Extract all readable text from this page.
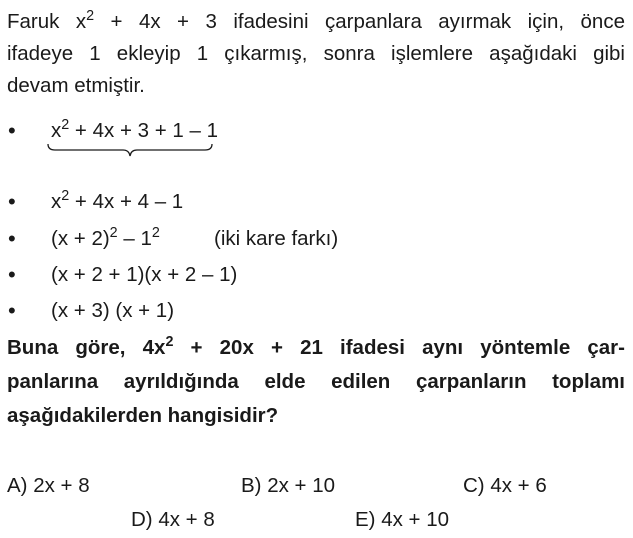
Faruk $x^2 + 4x + 3$ ifadesini çarpanlara ayırmak için, önce
ifadeye 1 ekleyip 1 çıkarmış, sonra işlemlere aşağıdaki gibi
devam etmiştir.
• $x^2 + 4x + 3 + 1 - 1$
• $x^2 + 4x + 4 - 1$
• $(x + 2)^2 - 1^2$	(iki kare farkı)
• (x + 2 + 1)(x + 2 – 1)
• (x + 3) (x + 1)
Buna göre, $4x^2 + 20x + 21$ ifadesi aynı yöntemle çar-
panlarına ayrıldığında elde edilen çarpanların toplamı
aşağıdakilerden hangisidir?
A) 2x + 8	B) 2x + 10	C) 4x + 6
D) 4x + 8	E) 4x + 10
